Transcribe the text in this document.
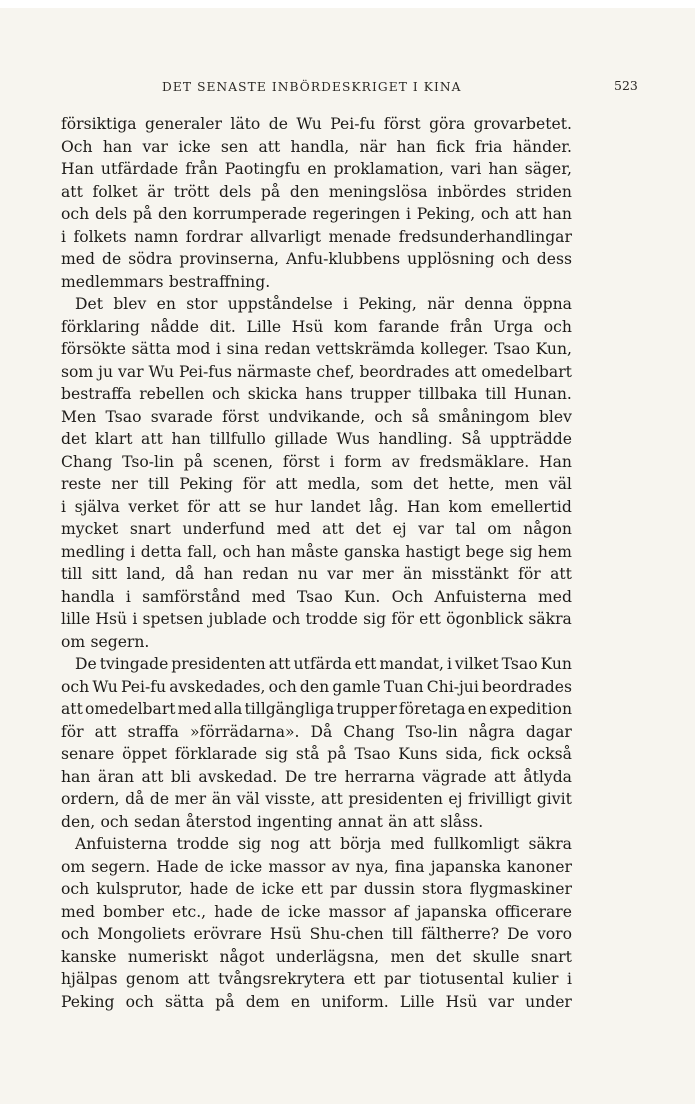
DET SENASTE INBÖRDESKRIGET I KINA	523
försiktiga generaler läto de Wu Pei-fu först göra grovarbetet.
Och han var icke sen att handla, när han fick fria händer.
Han utfärdade från Paotingfu en proklamation, vari han säger,
att folket är trött dels på den meningslösa inbördes striden
och dels på den korrumperade regeringen i Peking, och att han
i folkets namn fordrar allvarligt menade fredsunderhandlingar
med de södra provinserna, Anfu-klubbens upplösning och dess
medlemmars bestraffning.
Det blev en stor uppståndelse i Peking, när denna öppna
förklaring nådde dit. Lille Hsü kom farande från Urga och
försökte sätta mod i sina redan vettskrämda kolleger. Tsao Kun,
som ju var Wu Pei-fus närmaste chef, beordrades att omedelbart
bestraffa rebellen och skicka hans trupper tillbaka till Hunan.
Men Tsao svarade först undvikande, och så småningom blev
det klart att han tillfullo gillade Wus handling. Så uppträdde
Chang Tso-lin på scenen, först i form av fredsmäklare. Han
reste ner till Peking för att medla, som det hette, men väl
i själva verket för att se hur landet låg. Han kom emellertid
mycket snart underfund med att det ej var tal om någon
medling i detta fall, och han måste ganska hastigt bege sig hem
till sitt land, då han redan nu var mer än misstänkt för att
handla i samförstånd med Tsao Kun. Och Anfuisterna med
lille Hsü i spetsen jublade och trodde sig för ett ögonblick säkra
om segern.
De tvingade presidenten att utfärda ett mandat, i vilket Tsao Kun
och Wu Pei-fu avskedades, och den gamle Tuan Chi-jui beordrades
att omedelbart med alla tillgängliga trupper företaga en expedition
för att straffa »förrädarna». Då Chang Tso-lin några dagar
senare öppet förklarade sig stå på Tsao Kuns sida, fick också
han äran att bli avskedad. De tre herrarna vägrade att åtlyda
ordern, då de mer än väl visste, att presidenten ej frivilligt givit
den, och sedan återstod ingenting annat än att slåss.
Anfuisterna trodde sig nog att börja med fullkomligt säkra
om segern. Hade de icke massor av nya, fina japanska kanoner
och kulsprutor, hade de icke ett par dussin stora flygmaskiner
med bomber etc., hade de icke massor af japanska officerare
och Mongoliets erövrare Hsü Shu-chen till fältherre? De voro
kanske numeriskt något underlägsna, men det skulle snart
hjälpas genom att tvångsrekrytera ett par tiotusental kulier i
Peking och sätta på dem en uniform. Lille Hsü var under
